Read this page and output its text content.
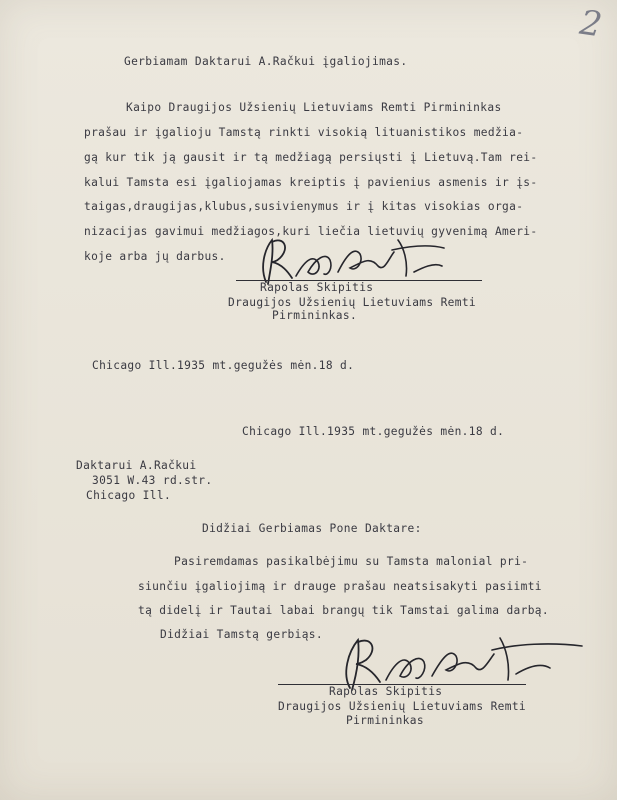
2
Gerbiamam Daktarui A.Račkui įgaliojimas.
Kaipo Draugijos Užsienių Lietuviams Remti Pirmininkas
prašau ir įgalioju Tamstą rinkti visokią lituanistikos medžia-
gą kur tik ją gausit ir tą medžiagą persiųsti į Lietuvą.Tam rei-
kalui Tamsta esi įgaliojamas kreiptis į pavienius asmenis ir įs-
taigas,draugijas,klubus,susivienymus ir į kitas visokias orga-
nizacijas gavimui medžiagos,kuri liečia lietuvių gyvenimą Ameri-
koje arba jų darbus.
Rapolas Skipitis
Draugijos Užsienių Lietuviams Remti
Pirmininkas.
Chicago Ill.1935 mt.gegužės mėn.18 d.
Chicago Ill.1935 mt.gegužės mėn.18 d.
Daktarui A.Račkui
3051 W.43 rd.str.
Chicago Ill.
Didžiai Gerbiamas Pone Daktare:
Pasiremdamas pasikalbėjimu su Tamsta malonial pri-
siunčiu įgaliojimą ir drauge prašau neatsisakyti pasiimti
tą didelį ir Tautai labai brangų tik Tamstai galima darbą.
Didžiai Tamstą gerbiąs.
Rapolas Skipitis
Draugijos Užsienių Lietuviams Remti
Pirmininkas
